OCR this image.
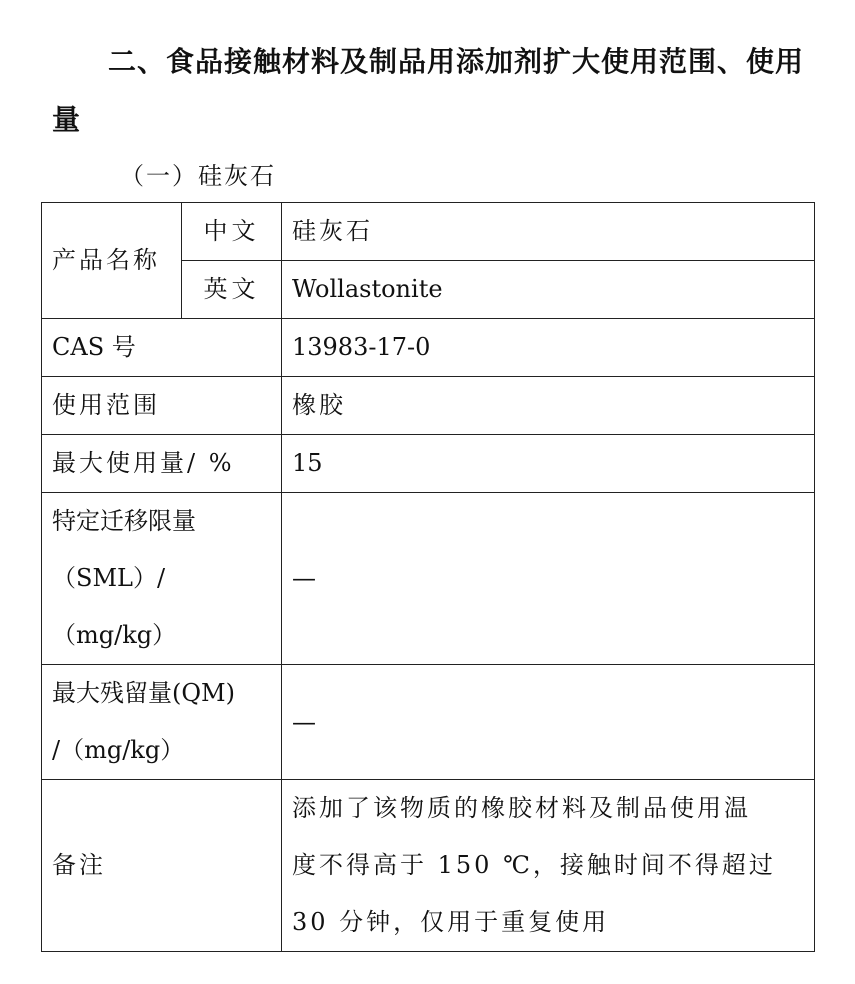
二、食品接触材料及制品用添加剂扩大使用范围、使用
量
（一）硅灰石
产品名称	中文	硅灰石
	英文	Wollastonite
CAS 号		13983-17-0
使用范围		橡胶
最大使用量/ %		15

特定迁移限量
（SML）/
（mg/kg）		—

最大残留量(QM)
/（mg/kg）		—
备注		添加了该物质的橡胶材料及制品使用温
度不得高于 150 ℃，接触时间不得超过
30 分钟，仅用于重复使用
